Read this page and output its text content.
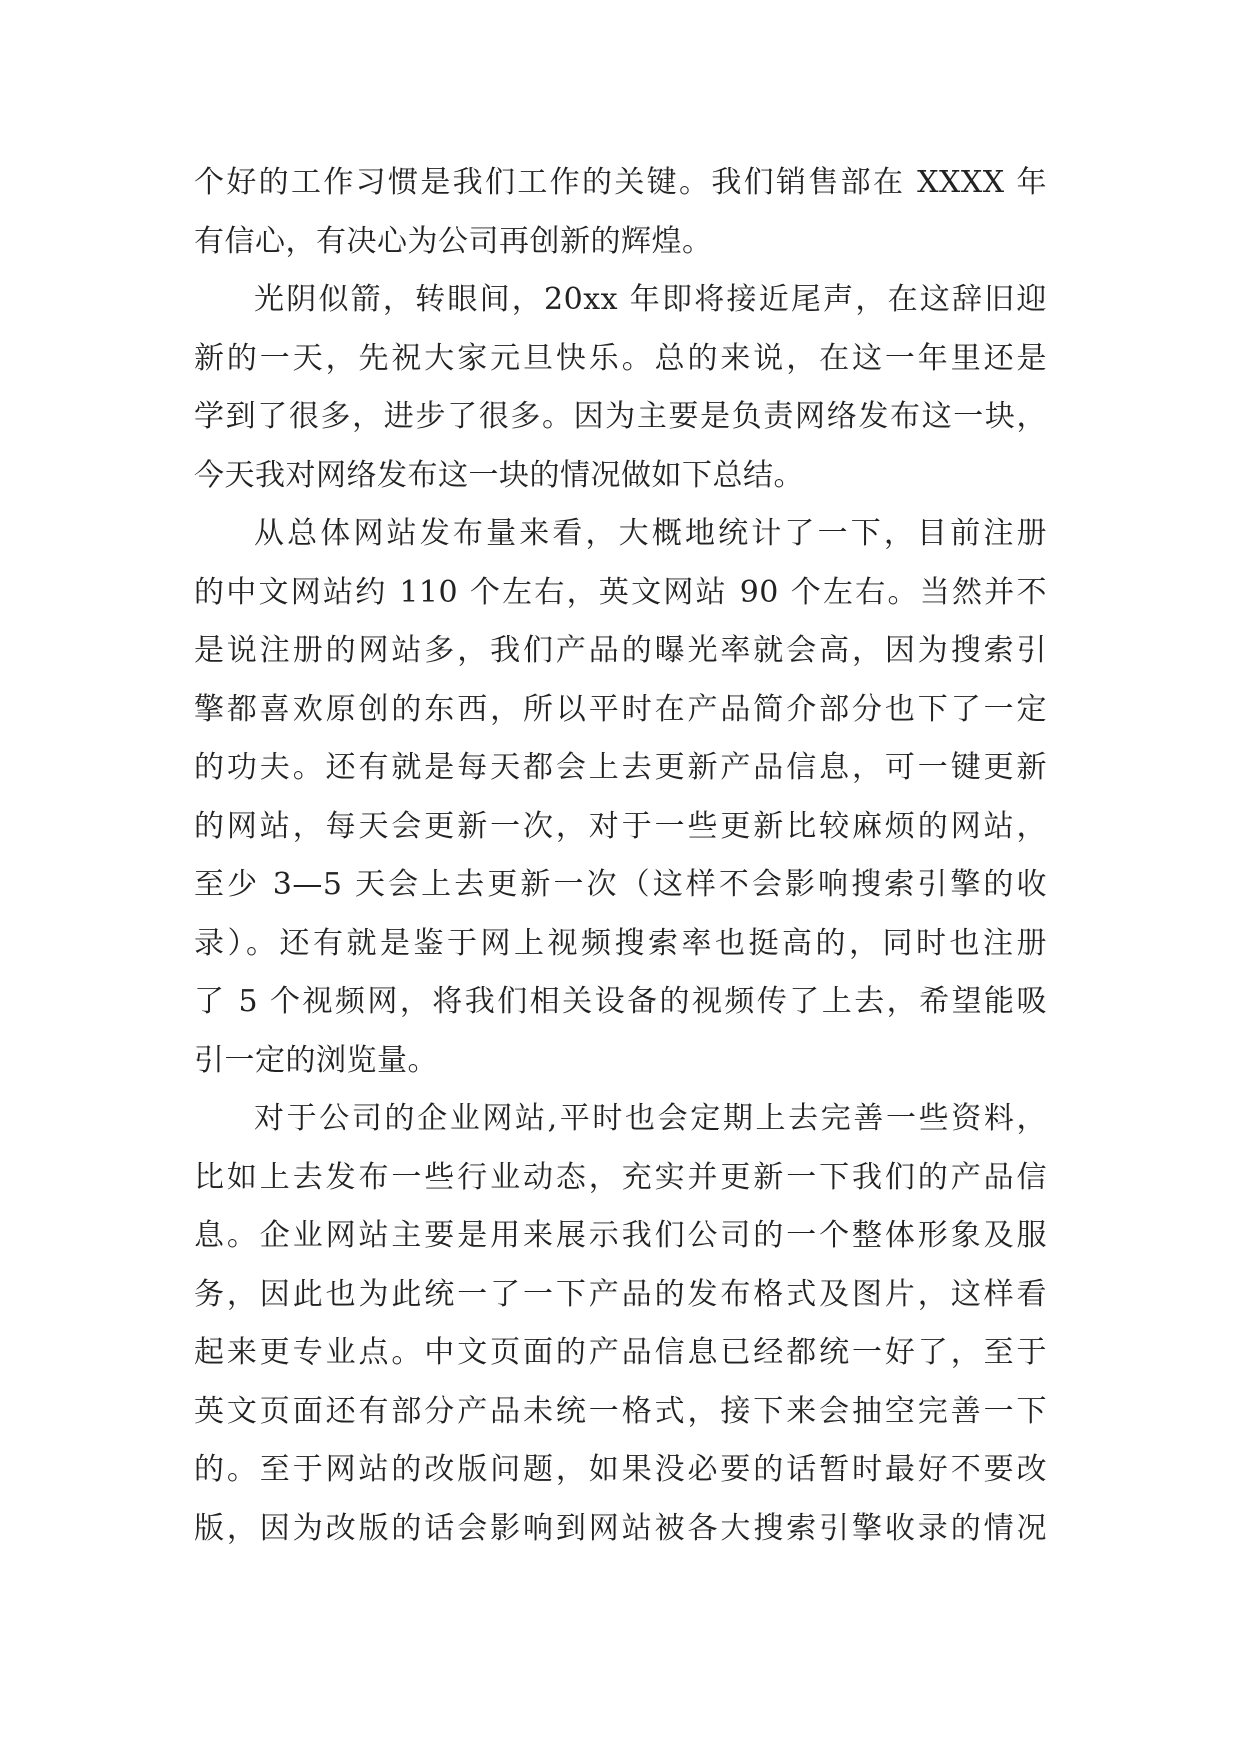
个好的工作习惯是我们工作的关键。我们销售部在 XXXX 年
有信心，有决心为公司再创新的辉煌。
光阴似箭，转眼间，20xx 年即将接近尾声，在这辞旧迎
新的一天，先祝大家元旦快乐。总的来说，在这一年里还是
学到了很多，进步了很多。因为主要是负责网络发布这一块，
今天我对网络发布这一块的情况做如下总结。
从总体网站发布量来看，大概地统计了一下，目前注册
的中文网站约 110 个左右，英文网站 90 个左右。当然并不
是说注册的网站多，我们产品的曝光率就会高，因为搜索引
擎都喜欢原创的东西，所以平时在产品简介部分也下了一定
的功夫。还有就是每天都会上去更新产品信息，可一键更新
的网站，每天会更新一次，对于一些更新比较麻烦的网站，
至少 3—5 天会上去更新一次（这样不会影响搜索引擎的收
录）。还有就是鉴于网上视频搜索率也挺高的，同时也注册
了 5 个视频网，将我们相关设备的视频传了上去，希望能吸
引一定的浏览量。
对于公司的企业网站,平时也会定期上去完善一些资料，
比如上去发布一些行业动态，充实并更新一下我们的产品信
息。企业网站主要是用来展示我们公司的一个整体形象及服
务，因此也为此统一了一下产品的发布格式及图片，这样看
起来更专业点。中文页面的产品信息已经都统一好了，至于
英文页面还有部分产品未统一格式，接下来会抽空完善一下
的。至于网站的改版问题，如果没必要的话暂时最好不要改
版，因为改版的话会影响到网站被各大搜索引擎收录的情况
